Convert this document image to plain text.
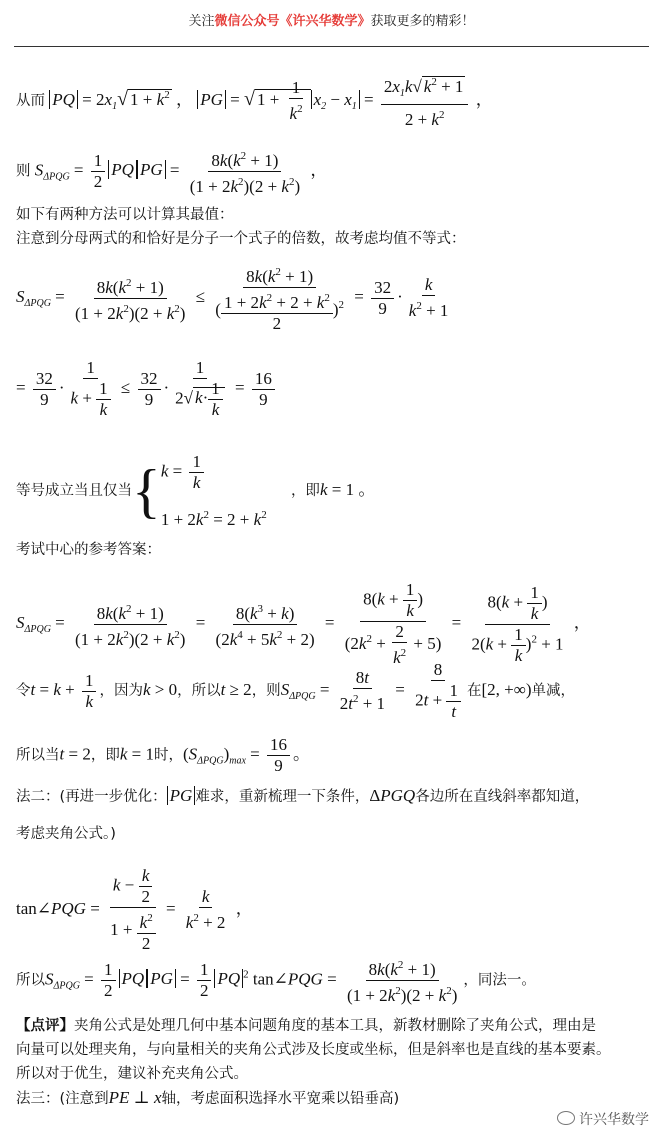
关注微信公众号《许兴华数学》获取更多的精彩！
从而 PQ = $2x_1√$ $1 + k^2$ ， PG = √ $1 + \frac{1}{k^2} x_2 - x_1 = \frac{2x_1k√ k^2 + 1}{2 + k^2}$ ，
则 $S_{\Delta PQG} = \frac{1}{2}$ PQ PG = $\frac{8k(k^2 + 1)}{(1 + 2k^2)(2 + k^2)}$ ，
如下有两种方法可以计算其最值：
注意到分母两式的和恰好是分子一个式子的倍数，故考虑均值不等式：
$S_{\Delta PQG} = \frac{8k(k^2 + 1)}{(1 + 2k^2)(2 + k^2)} \le \frac{8k(k^2 + 1)}{( \frac{1 + 2k^2 + 2 + k^2}{2} )^2} = \frac{32}{9} \cdot \frac{k}{k^2 + 1}$
= $\frac{32}{9} \cdot \frac{1}{k + \frac{1}{k}} \le \frac{32}{9} \cdot \frac{1}{2√ k\cdot \frac{1}{k}} = \frac{16}{9}$
等号成立当且仅当{ $k = \frac{1}{k}$
$1 + 2k^2 = 2 + k^2$
，即k = 1 。
考试中心的参考答案：
$S_{\Delta PQG} = \frac{8k(k^2 + 1)}{(1 + 2k^2)(2 + k^2)} = \frac{8(k^3 + k)}{(2k^4 + 5k^2 + 2)} = \frac{8(k + \frac{1}{k} )}{(2k^2 + \frac{2}{k^2} + 5)} = \frac{8(k + \frac{1}{k} )}{2(k + \frac{1}{k} )^2 + 1}$ ，
令$t = k + \frac{1}{k}$ ，因为k > 0，所以t ≥ 2，则$S_{\Delta PQG} = \frac{8t}{2t^2 + 1} = \frac{8}{2t + \frac{1}{t}}$ 在[2, +∞)单减，
所以当t = 2，即k = 1时，$(S_{\Delta PQG})_{max} = \frac{16}{9}$ 。
法二：(再进一步优化： PG 难求，重新梳理一下条件，ΔPGQ各边所在直线斜率都知道，
考虑夹角公式。)
tan∠PQG = $\frac{k - \frac{k}{2}}{1 + \frac{k^2}{2}} = \frac{k}{k^2 + 2}$ ，
所以$S_{\Delta PQG} = \frac{1}{2}$ PQ PG = $\frac{1}{2}$ PQ $^2$ tan∠PQG = $\frac{8k(k^2 + 1)}{(1 + 2k^2)(2 + k^2)}$ ，同法一。
【点评】夹角公式是处理几何中基本问题角度的基本工具，新教材删除了夹角公式，理由是
向量可以处理夹角，与向量相关的夹角公式涉及长度或坐标，但是斜率也是直线的基本要素。
所以对于优生，建议补充夹角公式。
法三：(注意到PE ⊥ x轴，考虑面积选择水平宽乘以铅垂高)
许兴华数学
